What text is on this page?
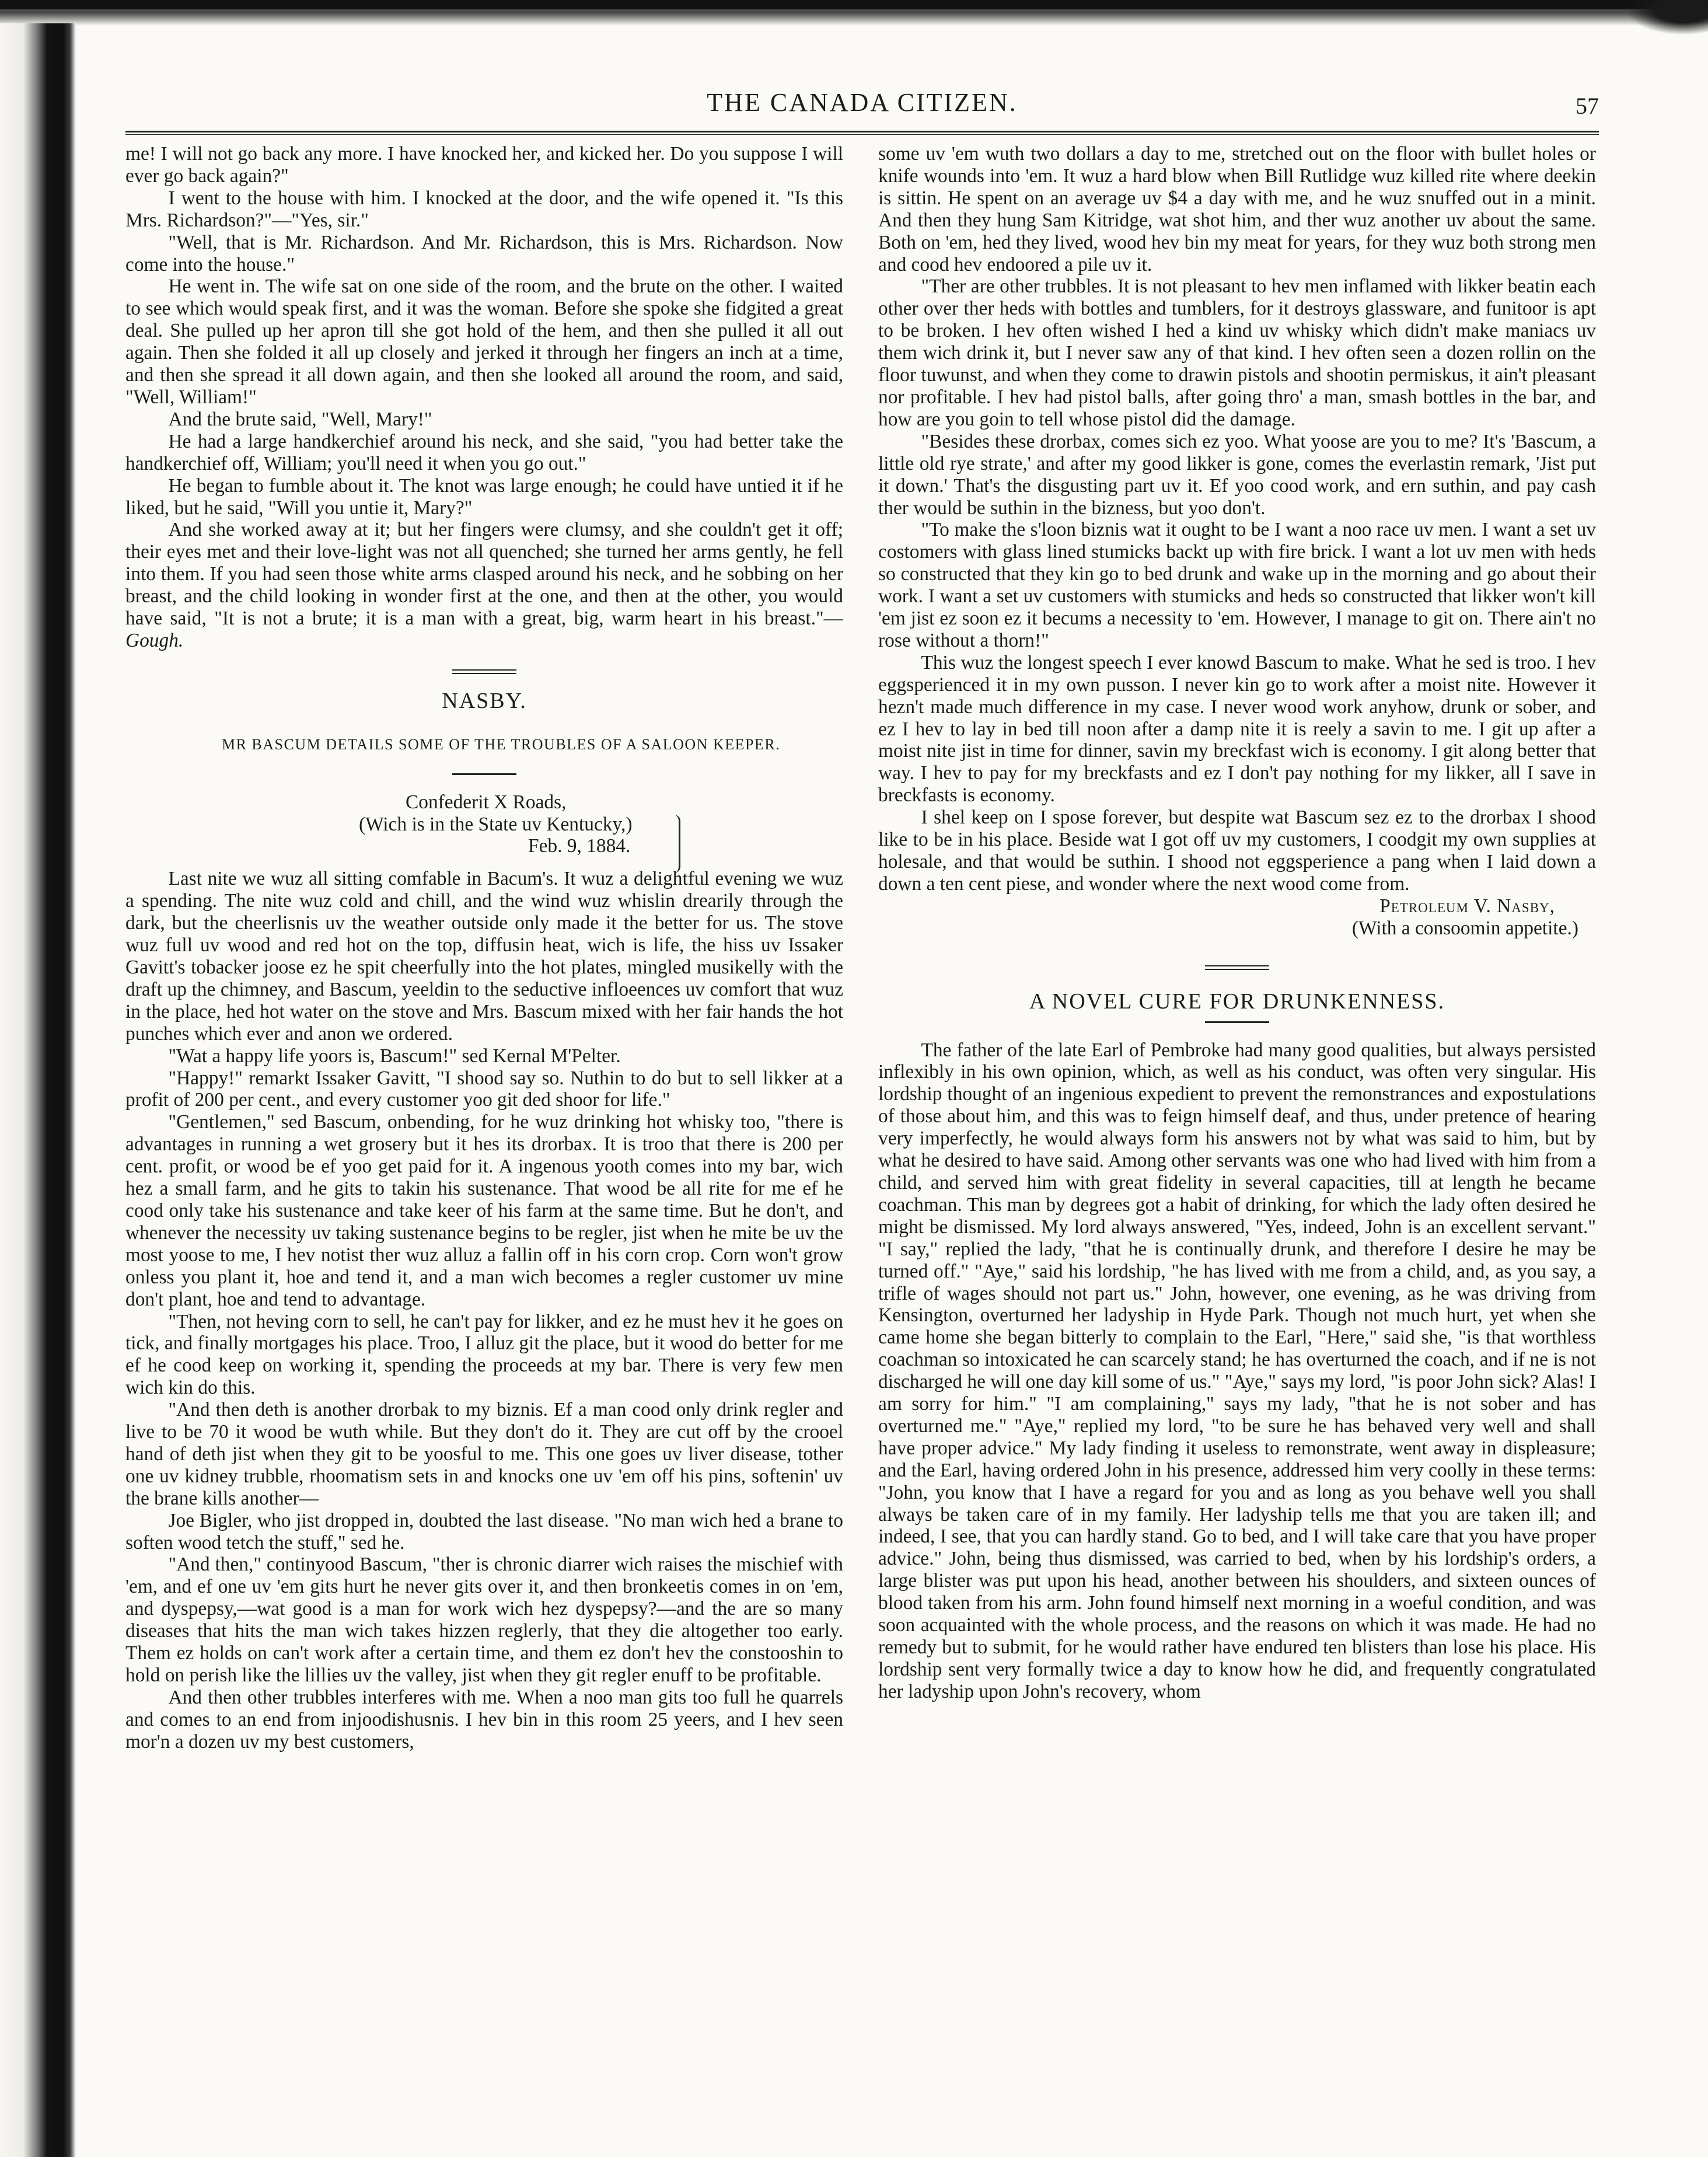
THE CANADA CITIZEN.	57

me! I will not go back any more. I have knocked her, and kicked her. Do you suppose I will ever go back again?"

I went to the house with him. I knocked at the door, and the wife opened it. "Is this Mrs. Richardson?"—"Yes, sir."

"Well, that is Mr. Richardson. And Mr. Richardson, this is Mrs. Richardson. Now come into the house."

He went in. The wife sat on one side of the room, and the brute on the other. I waited to see which would speak first, and it was the woman. Before she spoke she fidgited a great deal. She pulled up her apron till she got hold of the hem, and then she pulled it all out again. Then she folded it all up closely and jerked it through her fingers an inch at a time, and then she spread it all down again, and then she looked all around the room, and said, "Well, William!"

And the brute said, "Well, Mary!"

He had a large handkerchief around his neck, and she said, "you had better take the handkerchief off, William; you'll need it when you go out."

He began to fumble about it. The knot was large enough; he could have untied it if he liked, but he said, "Will you untie it, Mary?"

And she worked away at it; but her fingers were clumsy, and she couldn't get it off; their eyes met and their love-light was not all quenched; she turned her arms gently, he fell into them. If you had seen those white arms clasped around his neck, and he sobbing on her breast, and the child looking in wonder first at the one, and then at the other, you would have said, "It is not a brute; it is a man with a great, big, warm heart in his breast."—Gough.

NASBY.

MR BASCUM DETAILS SOME OF THE TROUBLES OF A SALOON KEEPER.

Confederit X Roads,
(Wich is in the State uv Kentucky,)
Feb. 9, 1884.

Last nite we wuz all sitting comfable in Bacum's. It wuz a delightful evening we wuz a spending. The nite wuz cold and chill, and the wind wuz whislin drearily through the dark, but the cheerlisnis uv the weather outside only made it the better for us. The stove wuz full uv wood and red hot on the top, diffusin heat, wich is life, the hiss uv Issaker Gavitt's tobacker joose ez he spit cheerfully into the hot plates, mingled musikelly with the draft up the chimney, and Bascum, yeeldin to the seductive infloeences uv comfort that wuz in the place, hed hot water on the stove and Mrs. Bascum mixed with her fair hands the hot punches which ever and anon we ordered.

"Wat a happy life yoors is, Bascum!" sed Kernal M'Pelter.

"Happy!" remarkt Issaker Gavitt, "I shood say so. Nuthin to do but to sell likker at a profit of 200 per cent., and every customer yoo git ded shoor for life."

"Gentlemen," sed Bascum, onbending, for he wuz drinking hot whisky too, "there is advantages in running a wet grosery but it hes its drorbax. It is troo that there is 200 per cent. profit, or wood be ef yoo get paid for it. A ingenous yooth comes into my bar, wich hez a small farm, and he gits to takin his sustenance. That wood be all rite for me ef he cood only take his sustenance and take keer of his farm at the same time. But he don't, and whenever the necessity uv taking sustenance begins to be regler, jist when he mite be uv the most yoose to me, I hev notist ther wuz alluz a fallin off in his corn crop. Corn won't grow onless you plant it, hoe and tend it, and a man wich becomes a regler customer uv mine don't plant, hoe and tend to advantage.

"Then, not heving corn to sell, he can't pay for likker, and ez he must hev it he goes on tick, and finally mortgages his place. Troo, I alluz git the place, but it wood do better for me ef he cood keep on working it, spending the proceeds at my bar. There is very few men wich kin do this.

"And then deth is another drorbak to my biznis. Ef a man cood only drink regler and live to be 70 it wood be wuth while. But they don't do it. They are cut off by the crooel hand of deth jist when they git to be yoosful to me. This one goes uv liver disease, tother one uv kidney trubble, rhoomatism sets in and knocks one uv 'em off his pins, softenin' uv the brane kills another—

Joe Bigler, who jist dropped in, doubted the last disease. "No man wich hed a brane to soften wood tetch the stuff," sed he.

"And then," continyood Bascum, "ther is chronic diarrer wich raises the mischief with 'em, and ef one uv 'em gits hurt he never gits over it, and then bronkeetis comes in on 'em, and dyspepsy,—wat good is a man for work wich hez dyspepsy?—and the are so many diseases that hits the man wich takes hizzen reglerly, that they die altogether too early. Them ez holds on can't work after a certain time, and them ez don't hev the constooshin to hold on perish like the lillies uv the valley, jist when they git regler enuff to be profitable.

And then other trubbles interferes with me. When a noo man gits too full he quarrels and comes to an end from injoodishusnis. I hev bin in this room 25 yeers, and I hev seen mor'n a dozen uv my best customers,

some uv 'em wuth two dollars a day to me, stretched out on the floor with bullet holes or knife wounds into 'em. It wuz a hard blow when Bill Rutlidge wuz killed rite where deekin is sittin. He spent on an average uv $4 a day with me, and he wuz snuffed out in a minit. And then they hung Sam Kitridge, wat shot him, and ther wuz another uv about the same. Both on 'em, hed they lived, wood hev bin my meat for years, for they wuz both strong men and cood hev endoored a pile uv it.

"Ther are other trubbles. It is not pleasant to hev men inflamed with likker beatin each other over ther heds with bottles and tumblers, for it destroys glassware, and funitoor is apt to be broken. I hev often wished I hed a kind uv whisky which didn't make maniacs uv them wich drink it, but I never saw any of that kind. I hev often seen a dozen rollin on the floor tuwunst, and when they come to drawin pistols and shootin permiskus, it ain't pleasant nor profitable. I hev had pistol balls, after going thro' a man, smash bottles in the bar, and how are you goin to tell whose pistol did the damage.

"Besides these drorbax, comes sich ez yoo. What yoose are you to me? It's 'Bascum, a little old rye strate,' and after my good likker is gone, comes the everlastin remark, 'Jist put it down.' That's the disgusting part uv it. Ef yoo cood work, and ern suthin, and pay cash ther would be suthin in the bizness, but yoo don't.

"To make the s'loon biznis wat it ought to be I want a noo race uv men. I want a set uv costomers with glass lined stumicks backt up with fire brick. I want a lot uv men with heds so constructed that they kin go to bed drunk and wake up in the morning and go about their work. I want a set uv customers with stumicks and heds so constructed that likker won't kill 'em jist ez soon ez it becums a necessity to 'em. However, I manage to git on. There ain't no rose without a thorn!"

This wuz the longest speech I ever knowd Bascum to make. What he sed is troo. I hev eggsperienced it in my own pusson. I never kin go to work after a moist nite. However it hezn't made much difference in my case. I never wood work anyhow, drunk or sober, and ez I hev to lay in bed till noon after a damp nite it is reely a savin to me. I git up after a moist nite jist in time for dinner, savin my breckfast wich is economy. I git along better that way. I hev to pay for my breckfasts and ez I don't pay nothing for my likker, all I save in breckfasts is economy.

I shel keep on I spose forever, but despite wat Bascum sez ez to the drorbax I shood like to be in his place. Beside wat I got off uv my customers, I coodgit my own supplies at holesale, and that would be suthin. I shood not eggsperience a pang when I laid down a down a ten cent piese, and wonder where the next wood come from.

Petroleum V. Nasby,
(With a consoomin appetite.)
A NOVEL CURE FOR DRUNKENNESS.

The father of the late Earl of Pembroke had many good qualities, but always persisted inflexibly in his own opinion, which, as well as his conduct, was often very singular. His lordship thought of an ingenious expedient to prevent the remonstrances and expostulations of those about him, and this was to feign himself deaf, and thus, under pretence of hearing very imperfectly, he would always form his answers not by what was said to him, but by what he desired to have said. Among other servants was one who had lived with him from a child, and served him with great fidelity in several capacities, till at length he became coachman. This man by degrees got a habit of drinking, for which the lady often desired he might be dismissed. My lord always answered, "Yes, indeed, John is an excellent servant." "I say," replied the lady, "that he is continually drunk, and therefore I desire he may be turned off." "Aye," said his lordship, "he has lived with me from a child, and, as you say, a trifle of wages should not part us." John, however, one evening, as he was driving from Kensington, overturned her ladyship in Hyde Park. Though not much hurt, yet when she came home she began bitterly to complain to the Earl, "Here," said she, "is that worthless coachman so intoxicated he can scarcely stand; he has overturned the coach, and if ne is not discharged he will one day kill some of us." "Aye," says my lord, "is poor John sick? Alas! I am sorry for him." "I am complaining," says my lady, "that he is not sober and has overturned me." "Aye," replied my lord, "to be sure he has behaved very well and shall have proper advice." My lady finding it useless to remonstrate, went away in displeasure; and the Earl, having ordered John in his presence, addressed him very coolly in these terms: "John, you know that I have a regard for you and as long as you behave well you shall always be taken care of in my family. Her ladyship tells me that you are taken ill; and indeed, I see, that you can hardly stand. Go to bed, and I will take care that you have proper advice." John, being thus dismissed, was carried to bed, when by his lordship's orders, a large blister was put upon his head, another between his shoulders, and sixteen ounces of blood taken from his arm. John found himself next morning in a woeful condition, and was soon acquainted with the whole process, and the reasons on which it was made. He had no remedy but to submit, for he would rather have endured ten blisters than lose his place. His lordship sent very formally twice a day to know how he did, and frequently congratulated her ladyship upon John's recovery, whom
